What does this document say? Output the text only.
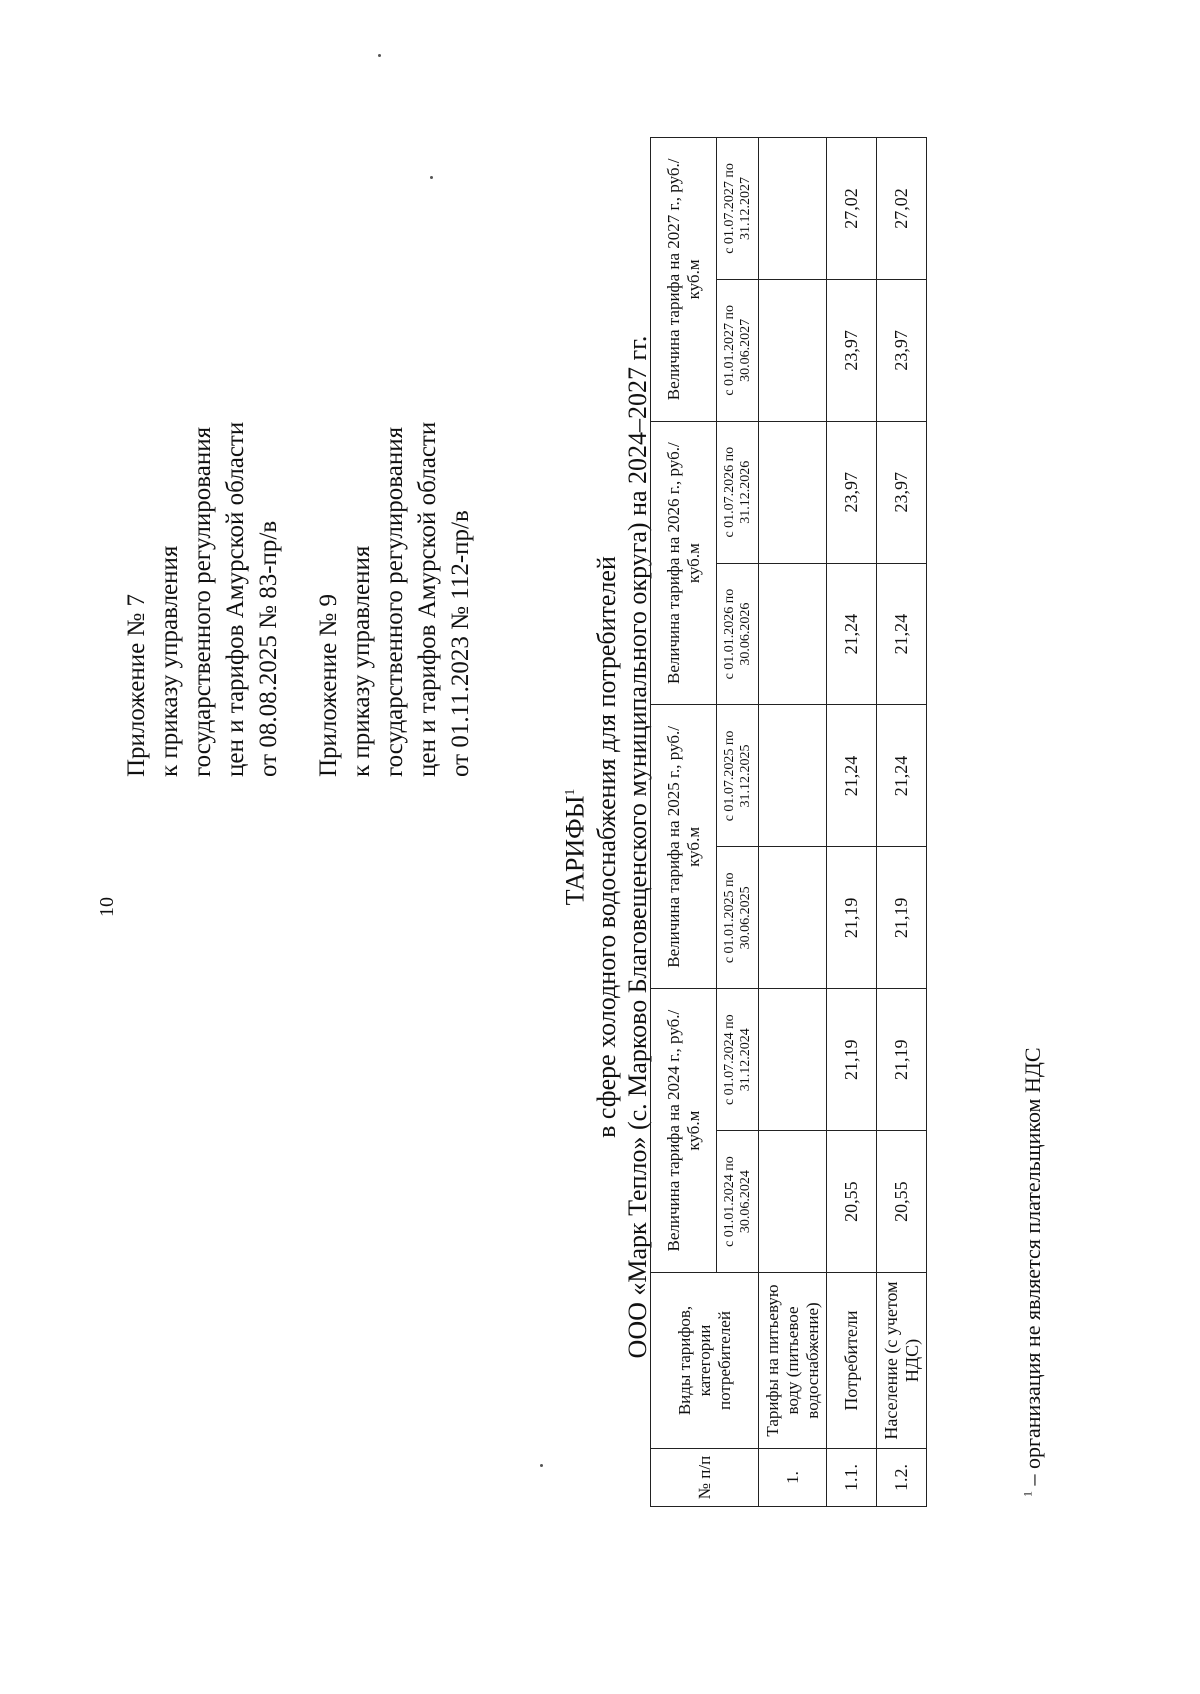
10
Приложение № 7 к приказу управления государственного регулирования цен и тарифов Амурской области от 08.08.2025 № 83-пр/в Приложение № 9 к приказу управления государственного регулирования цен и тарифов Амурской области от 01.11.2023 № 112-пр/в
ТАРИФЫ$^1$ в сфере холодного водоснабжения для потребителей ООО «Марк Тепло» (с. Марково Благовещенского муниципального округа) на 2024–2027 гг.
№ п/п	Виды тарифов, категории потребителей	Величина тарифа на 2024 г., руб./куб.м		Величина тарифа на 2025 г., руб./куб.м		Величина тарифа на 2026 г., руб./куб.м		Величина тарифа на 2027 г., руб./куб.м	
		с 01.01.2024 по 30.06.2024	с 01.07.2024 по 31.12.2024	с 01.01.2025 по 30.06.2025	с 01.07.2025 по 31.12.2025	с 01.01.2026 по 30.06.2026	с 01.07.2026 по 31.12.2026	с 01.01.2027 по 30.06.2027	с 01.07.2027 по 31.12.2027
1.	Тарифы на питьевую воду (питьевое водоснабжение)								
1.1.	Потребители	20,55	21,19	21,19	21,24	21,24	23,97	23,97	27,02
1.2.	Население (с учетом НДС)	20,55	21,19	21,19	21,24	21,24	23,97	23,97	27,02
$^1$ – организация не является плательщиком НДС
